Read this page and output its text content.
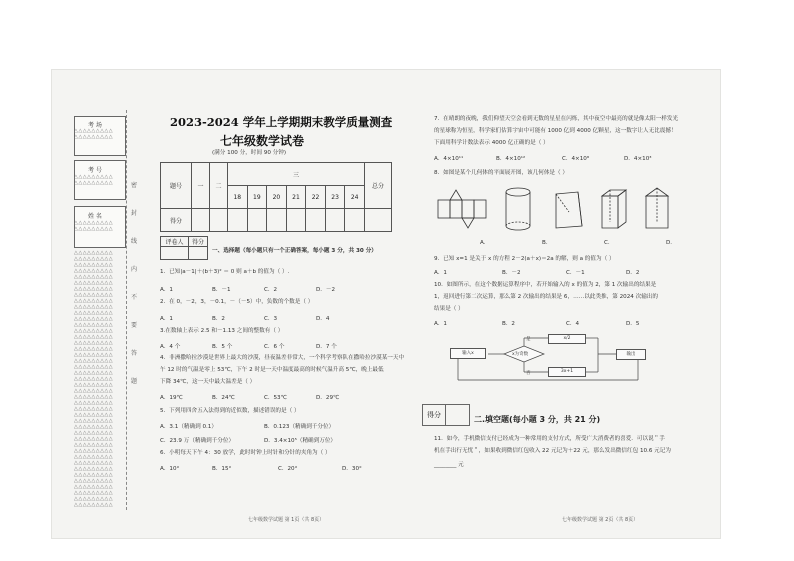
考 场
考 号
姓 名
△△△△△△△△△
△△△△△△△△△
△△△△△△△△△
△△△△△△△△△
△△△△△△△△△
△△△△△△△△△
△△△△△△△△△
△△△△△△△△△
△△△△△△△△△
△△△△△△△△△
△△△△△△△△△
△△△△△△△△△
△△△△△△△△△
△△△△△△△△△
△△△△△△△△△
△△△△△△△△△
△△△△△△△△△
△△△△△△△△△
△△△△△△△△△
△△△△△△△△△
△△△△△△△△△
△△△△△△△△△
△△△△△△△△△
△△△△△△△△△
△△△△△△△△△
△△△△△△△△△
△△△△△△△△△
△△△△△△△△△
△△△△△△△△△
△△△△△△△△△
△△△△△△△△△
△△△△△△△△△
△△△△△△△△△
△△△△△△△△△
△△△△△△△△△
△△△△△△△△△
△△△△△△△△△
△△△△△△△△△
△△△△△△△△△
△△△△△△△△△
△△△△△△△△△
△△△△△△△△△
△△△△△△△△△
△△△△△△△△△
△△△△△△△△△
△△△△△△△△△
△△△△△△△△△
△△△△△△△△△
△△△△△△△△△
密
封
线
内
不
要
答
题
2023-2024 学年上学期期末教学质量测查
七年级数学试卷
(满分 100 分，时间 90 分钟)
题号	一	二	三							总分
			18	19	20	21	22	23	24	
得分										
评卷人	得分

一、选择题（每小题只有一个正确答案，每小题 3 分，共 30 分）
1．已知|a－1|＋(b＋3)² ＝ 0 则 a＋b 的值为（ ）.
A．1	B．－1	C．2	D．－2
2．在 0，－2，3，－0.1，－（－5）中，负数的个数是（ ）
A．1	B．2	C．3	D．4
3.在数轴上表示 2.5 和－1.13 之间的整数有（ ）
A．4 个	B．5 个	C．6 个	D．7 个
4．非洲撒哈拉沙漠是世界上最大的沙漠，昼夜温差非常大，一个科学考察队在撒哈拉沙漠某一天中
午 12 时的气温是零上 53℃，下午 2 时是一天中温度最高的时候气温升高 5℃，晚上最低
下降 34℃，这一天中最大温差是（ ）
A．19℃	B．24℃	C．53℃	D．29℃
5．下列用四舍五入法得到的近似数，描述错误的是（ ）
A．3.1（精确到 0.1）	B．0.123（精确到千分位）
C．23.9 万（精确到千分位）	D．3.4×10⁵（精确到万位）
6．小明每天下午 4：30 放学，此时时钟上时针和分针的夹角为（ ）
A．10°	B．15°	C．20°	D．30°
7．在晴朗的夜晚，我们仰望天空会看到无数的星星在闪烁，其中夜空中最亮的就是像太阳一样发光
的星球称为恒星，科学家们估算宇宙中可能有 1000 亿到 4000 亿颗星，这一数字让人无比震撼！
下面用科学计数法表示 4000 亿正确的是（ ）
A．4×10¹¹	B．4×10¹²	C．4×10⁸	D．4×10³
8．如图是某个几何体的平面展开图，该几何体是（ ）
A.	B.	C.	D.
9．已知 x=1 是关于 x 的方程 2－2(a＋x)＝2a 的解，则 a 的值为（ ）
A．1	B．－2	C．－1	D．2
10．如图所示，在这个数据运算程序中，若开始输入的 x 的值为 2，第 1 次输出的结果是
1，返回进行第二次运算，那么第 2 次输出的结果是 6，……以此类推，第 2024 次输出的
结果是（ ）
A．1	B．2	C．4	D．5
输入x	x为奇数
x/2
3x+1
是
否
输出
得分	二.填空题(每小题 3 分，共 21 分)
11．如今，手机微信支付已经成为一种常用的支付方式，所受广大消费者的喜爱．可以说＂手
机在手出行无忧＂，如果收到微信红包收入 22 元记为＋22 元，那么发出微信红包 10.6 元记为
________ 元
七年级数学试题 第 1页（共 8页）	七年级数学试题 第 2页（共 8页）
